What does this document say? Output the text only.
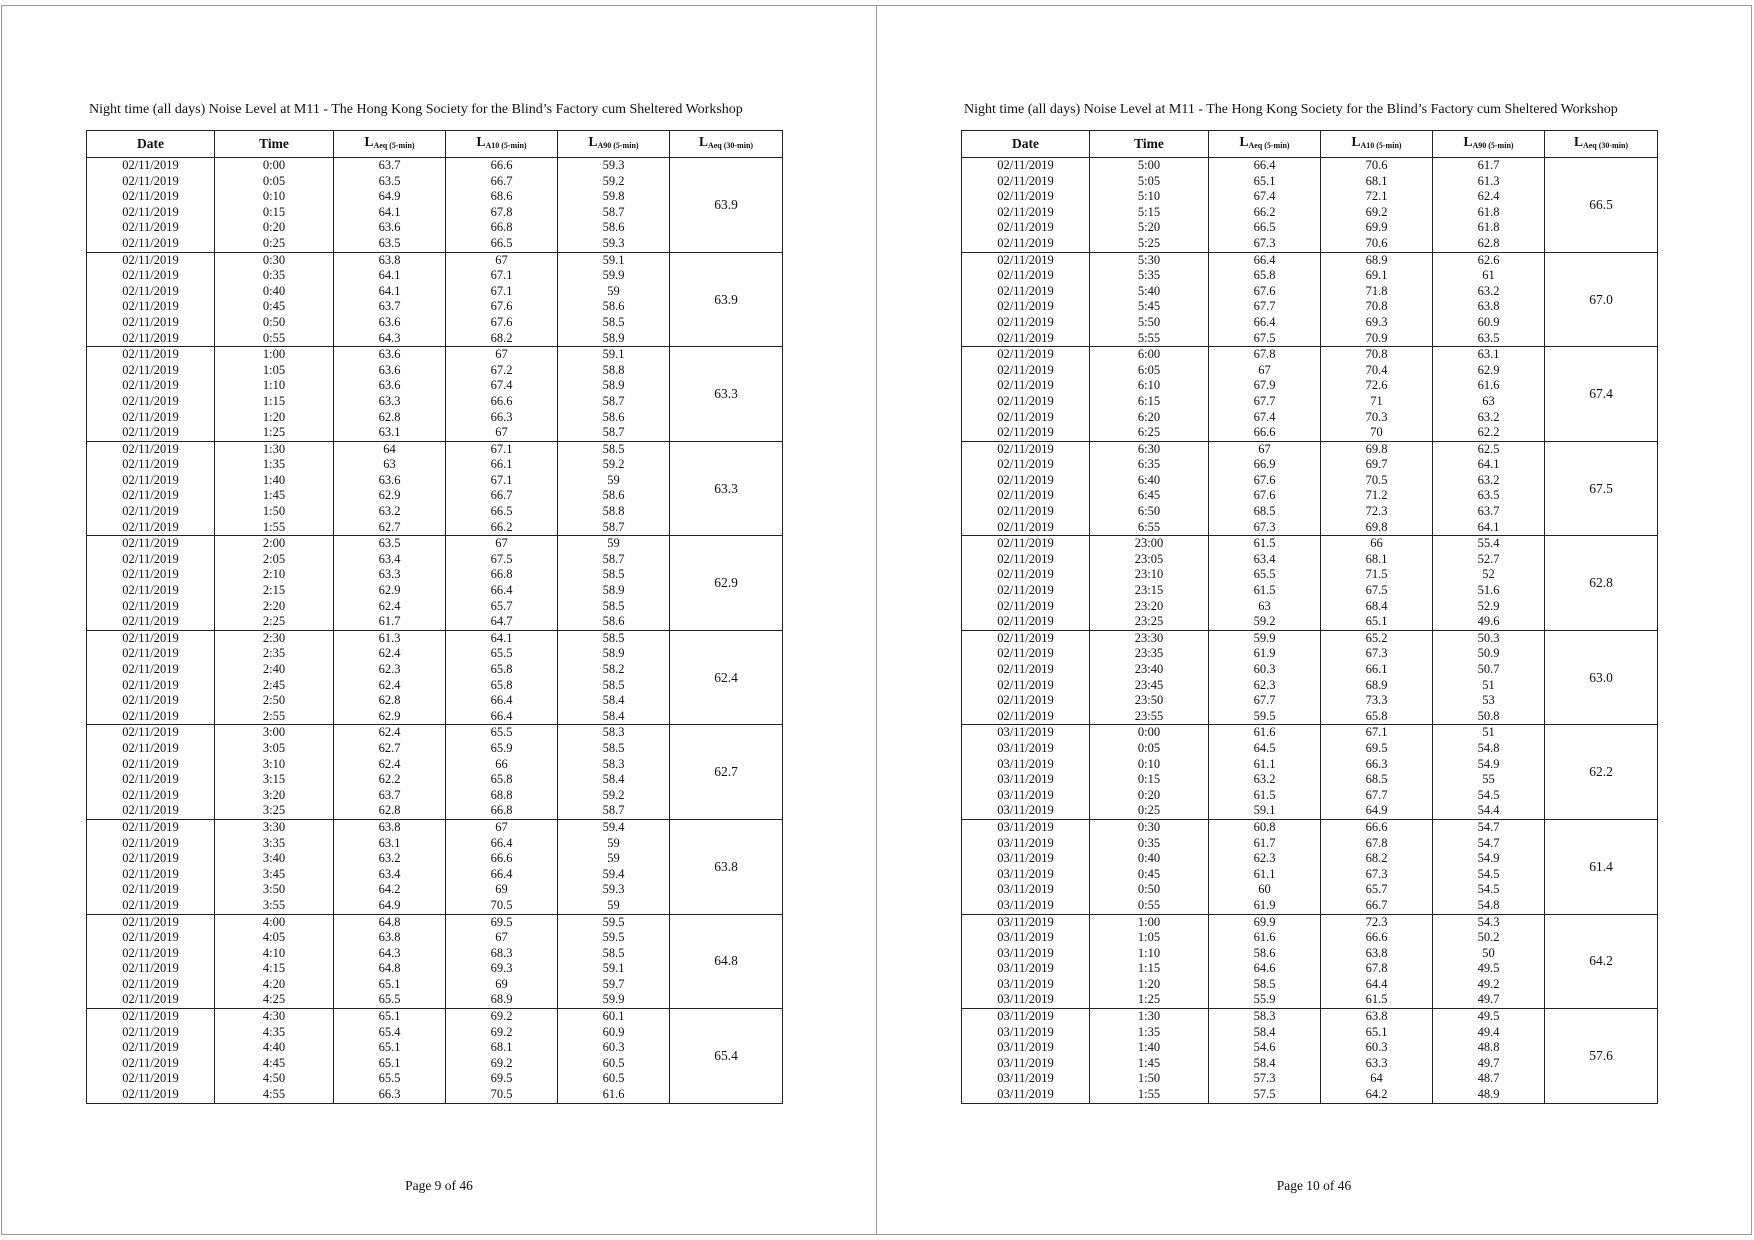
Night time (all days) Noise Level at M11 - The Hong Kong Society for the Blind’s Factory cum Sheltered Workshop
Date	Time	$L_{Aeq (5-min)}$	$L_{A10 (5-min)}$	$L_{A90 (5-min)}$	$L_{Aeq (30-min)}$
02/11/2019	0:00	63.7	66.6	59.3	63.9
02/11/2019	0:05	63.5	66.7	59.2	
02/11/2019	0:10	64.9	68.6	59.8	
02/11/2019	0:15	64.1	67.8	58.7	
02/11/2019	0:20	63.6	66.8	58.6	
02/11/2019	0:25	63.5	66.5	59.3	
02/11/2019	0:30	63.8	67	59.1	63.9
02/11/2019	0:35	64.1	67.1	59.9	
02/11/2019	0:40	64.1	67.1	59	
02/11/2019	0:45	63.7	67.6	58.6	
02/11/2019	0:50	63.6	67.6	58.5	
02/11/2019	0:55	64.3	68.2	58.9	
02/11/2019	1:00	63.6	67	59.1	63.3
02/11/2019	1:05	63.6	67.2	58.8	
02/11/2019	1:10	63.6	67.4	58.9	
02/11/2019	1:15	63.3	66.6	58.7	
02/11/2019	1:20	62.8	66.3	58.6	
02/11/2019	1:25	63.1	67	58.7	
02/11/2019	1:30	64	67.1	58.5	63.3
02/11/2019	1:35	63	66.1	59.2	
02/11/2019	1:40	63.6	67.1	59	
02/11/2019	1:45	62.9	66.7	58.6	
02/11/2019	1:50	63.2	66.5	58.8	
02/11/2019	1:55	62.7	66.2	58.7	
02/11/2019	2:00	63.5	67	59	62.9
02/11/2019	2:05	63.4	67.5	58.7	
02/11/2019	2:10	63.3	66.8	58.5	
02/11/2019	2:15	62.9	66.4	58.9	
02/11/2019	2:20	62.4	65.7	58.5	
02/11/2019	2:25	61.7	64.7	58.6	
02/11/2019	2:30	61.3	64.1	58.5	62.4
02/11/2019	2:35	62.4	65.5	58.9	
02/11/2019	2:40	62.3	65.8	58.2	
02/11/2019	2:45	62.4	65.8	58.5	
02/11/2019	2:50	62.8	66.4	58.4	
02/11/2019	2:55	62.9	66.4	58.4	
02/11/2019	3:00	62.4	65.5	58.3	62.7
02/11/2019	3:05	62.7	65.9	58.5	
02/11/2019	3:10	62.4	66	58.3	
02/11/2019	3:15	62.2	65.8	58.4	
02/11/2019	3:20	63.7	68.8	59.2	
02/11/2019	3:25	62.8	66.8	58.7	
02/11/2019	3:30	63.8	67	59.4	63.8
02/11/2019	3:35	63.1	66.4	59	
02/11/2019	3:40	63.2	66.6	59	
02/11/2019	3:45	63.4	66.4	59.4	
02/11/2019	3:50	64.2	69	59.3	
02/11/2019	3:55	64.9	70.5	59	
02/11/2019	4:00	64.8	69.5	59.5	64.8
02/11/2019	4:05	63.8	67	59.5	
02/11/2019	4:10	64.3	68.3	58.5	
02/11/2019	4:15	64.8	69.3	59.1	
02/11/2019	4:20	65.1	69	59.7	
02/11/2019	4:25	65.5	68.9	59.9	
02/11/2019	4:30	65.1	69.2	60.1	65.4
02/11/2019	4:35	65.4	69.2	60.9	
02/11/2019	4:40	65.1	68.1	60.3	
02/11/2019	4:45	65.1	69.2	60.5	
02/11/2019	4:50	65.5	69.5	60.5	
02/11/2019	4:55	66.3	70.5	61.6	
Page 9 of 46
Night time (all days) Noise Level at M11 - The Hong Kong Society for the Blind’s Factory cum Sheltered Workshop
Date	Time	$L_{Aeq (5-min)}$	$L_{A10 (5-min)}$	$L_{A90 (5-min)}$	$L_{Aeq (30-min)}$
02/11/2019	5:00	66.4	70.6	61.7	66.5
02/11/2019	5:05	65.1	68.1	61.3	
02/11/2019	5:10	67.4	72.1	62.4	
02/11/2019	5:15	66.2	69.2	61.8	
02/11/2019	5:20	66.5	69.9	61.8	
02/11/2019	5:25	67.3	70.6	62.8	
02/11/2019	5:30	66.4	68.9	62.6	67.0
02/11/2019	5:35	65.8	69.1	61	
02/11/2019	5:40	67.6	71.8	63.2	
02/11/2019	5:45	67.7	70.8	63.8	
02/11/2019	5:50	66.4	69.3	60.9	
02/11/2019	5:55	67.5	70.9	63.5	
02/11/2019	6:00	67.8	70.8	63.1	67.4
02/11/2019	6:05	67	70.4	62.9	
02/11/2019	6:10	67.9	72.6	61.6	
02/11/2019	6:15	67.7	71	63	
02/11/2019	6:20	67.4	70.3	63.2	
02/11/2019	6:25	66.6	70	62.2	
02/11/2019	6:30	67	69.8	62.5	67.5
02/11/2019	6:35	66.9	69.7	64.1	
02/11/2019	6:40	67.6	70.5	63.2	
02/11/2019	6:45	67.6	71.2	63.5	
02/11/2019	6:50	68.5	72.3	63.7	
02/11/2019	6:55	67.3	69.8	64.1	
02/11/2019	23:00	61.5	66	55.4	62.8
02/11/2019	23:05	63.4	68.1	52.7	
02/11/2019	23:10	65.5	71.5	52	
02/11/2019	23:15	61.5	67.5	51.6	
02/11/2019	23:20	63	68.4	52.9	
02/11/2019	23:25	59.2	65.1	49.6	
02/11/2019	23:30	59.9	65.2	50.3	63.0
02/11/2019	23:35	61.9	67.3	50.9	
02/11/2019	23:40	60.3	66.1	50.7	
02/11/2019	23:45	62.3	68.9	51	
02/11/2019	23:50	67.7	73.3	53	
02/11/2019	23:55	59.5	65.8	50.8	
03/11/2019	0:00	61.6	67.1	51	62.2
03/11/2019	0:05	64.5	69.5	54.8	
03/11/2019	0:10	61.1	66.3	54.9	
03/11/2019	0:15	63.2	68.5	55	
03/11/2019	0:20	61.5	67.7	54.5	
03/11/2019	0:25	59.1	64.9	54.4	
03/11/2019	0:30	60.8	66.6	54.7	61.4
03/11/2019	0:35	61.7	67.8	54.7	
03/11/2019	0:40	62.3	68.2	54.9	
03/11/2019	0:45	61.1	67.3	54.5	
03/11/2019	0:50	60	65.7	54.5	
03/11/2019	0:55	61.9	66.7	54.8	
03/11/2019	1:00	69.9	72.3	54.3	64.2
03/11/2019	1:05	61.6	66.6	50.2	
03/11/2019	1:10	58.6	63.8	50	
03/11/2019	1:15	64.6	67.8	49.5	
03/11/2019	1:20	58.5	64.4	49.2	
03/11/2019	1:25	55.9	61.5	49.7	
03/11/2019	1:30	58.3	63.8	49.5	57.6
03/11/2019	1:35	58.4	65.1	49.4	
03/11/2019	1:40	54.6	60.3	48.8	
03/11/2019	1:45	58.4	63.3	49.7	
03/11/2019	1:50	57.3	64	48.7	
03/11/2019	1:55	57.5	64.2	48.9	
Page 10 of 46
